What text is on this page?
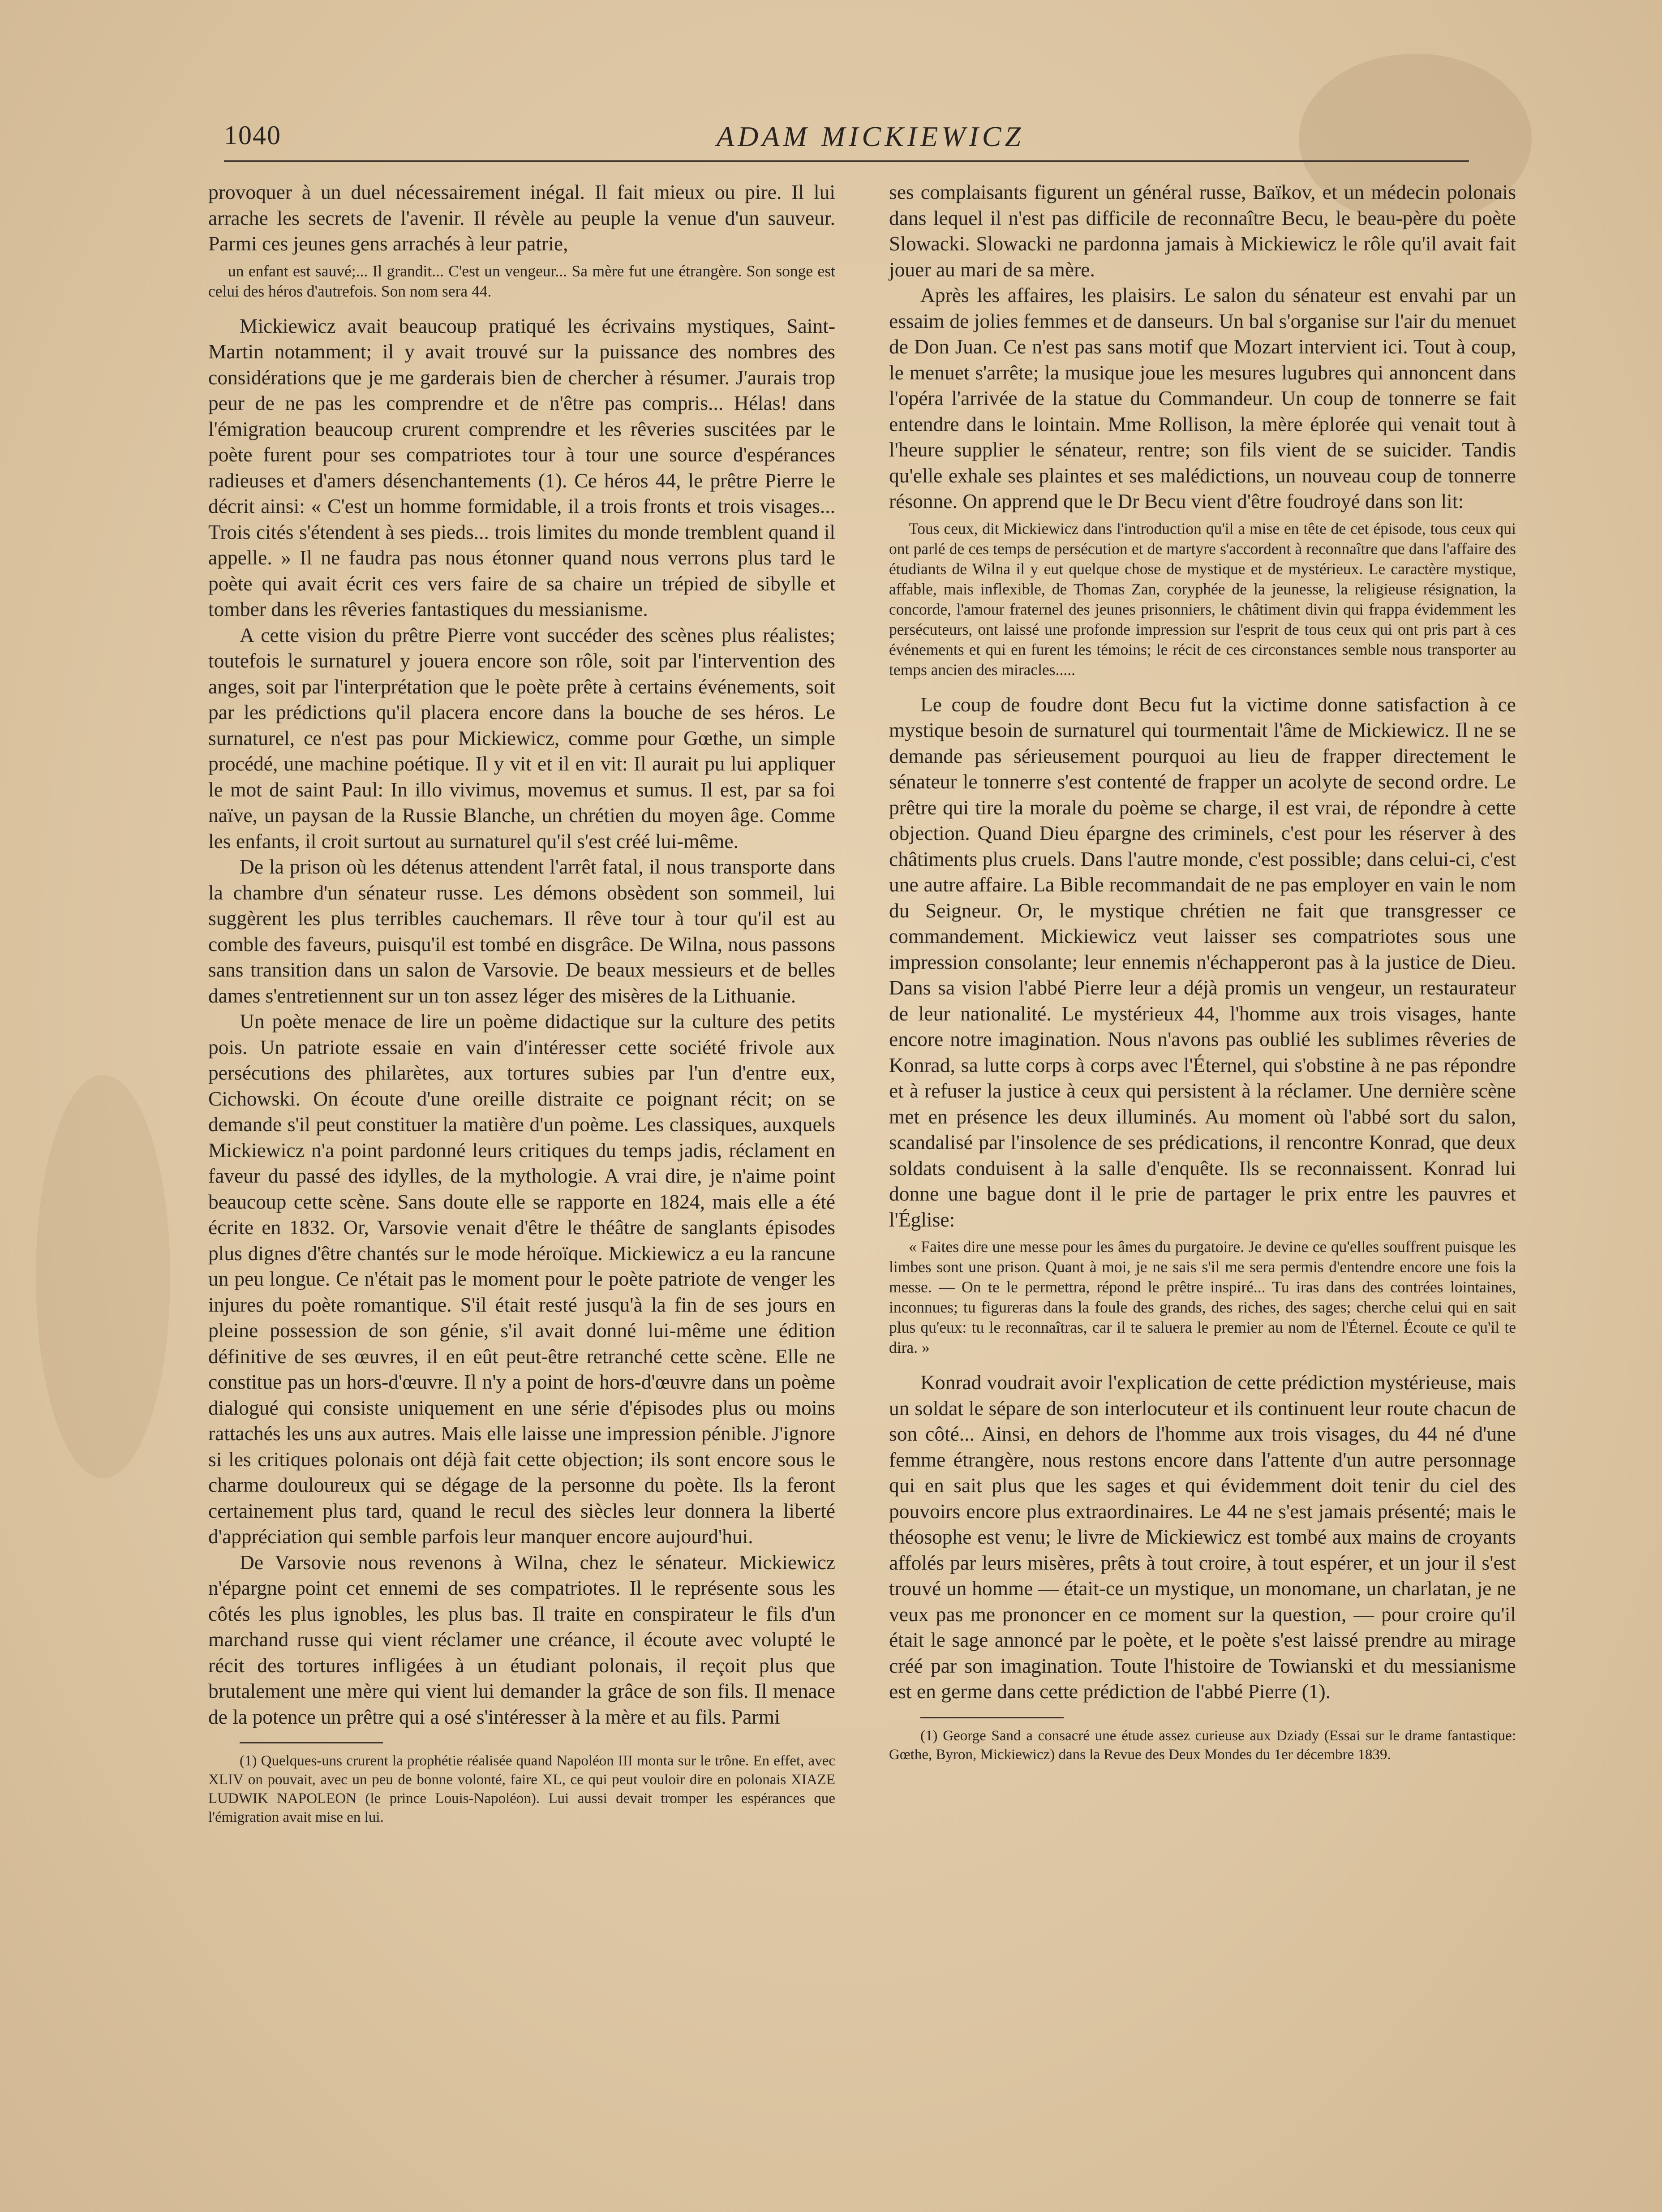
1040	ADAM MICKIEWICZ

provoquer à un duel nécessairement inégal. Il fait mieux ou pire. Il lui arrache les secrets de l'avenir. Il révèle au peuple la venue d'un sauveur. Parmi ces jeunes gens arrachés à leur patrie,

un enfant est sauvé;... Il grandit... C'est un vengeur... Sa mère fut une étrangère. Son songe est celui des héros d'autrefois. Son nom sera 44.

Mickiewicz avait beaucoup pratiqué les écrivains mystiques, Saint-Martin notamment; il y avait trouvé sur la puissance des nombres des considérations que je me garderais bien de chercher à résumer. J'aurais trop peur de ne pas les comprendre et de n'être pas compris... Hélas! dans l'émigration beaucoup crurent comprendre et les rêveries suscitées par le poète furent pour ses compatriotes tour à tour une source d'espérances radieuses et d'amers désenchantements (1). Ce héros 44, le prêtre Pierre le décrit ainsi: « C'est un homme formidable, il a trois fronts et trois visages... Trois cités s'étendent à ses pieds... trois limites du monde tremblent quand il appelle. » Il ne faudra pas nous étonner quand nous verrons plus tard le poète qui avait écrit ces vers faire de sa chaire un trépied de sibylle et tomber dans les rêveries fantastiques du messianisme.

A cette vision du prêtre Pierre vont succéder des scènes plus réalistes; toutefois le surnaturel y jouera encore son rôle, soit par l'intervention des anges, soit par l'interprétation que le poète prête à certains événements, soit par les prédictions qu'il placera encore dans la bouche de ses héros. Le surnaturel, ce n'est pas pour Mickiewicz, comme pour Gœthe, un simple procédé, une machine poétique. Il y vit et il en vit: Il aurait pu lui appliquer le mot de saint Paul: In illo vivimus, movemus et sumus. Il est, par sa foi naïve, un paysan de la Russie Blanche, un chrétien du moyen âge. Comme les enfants, il croit surtout au surnaturel qu'il s'est créé lui-même.

De la prison où les détenus attendent l'arrêt fatal, il nous transporte dans la chambre d'un sénateur russe. Les démons obsèdent son sommeil, lui suggèrent les plus terribles cauchemars. Il rêve tour à tour qu'il est au comble des faveurs, puisqu'il est tombé en disgrâce. De Wilna, nous passons sans transition dans un salon de Varsovie. De beaux messieurs et de belles dames s'entretiennent sur un ton assez léger des misères de la Lithuanie.

Un poète menace de lire un poème didactique sur la culture des petits pois. Un patriote essaie en vain d'intéresser cette société frivole aux persécutions des philarètes, aux tortures subies par l'un d'entre eux, Cichowski. On écoute d'une oreille distraite ce poignant récit; on se demande s'il peut constituer la matière d'un poème. Les classiques, auxquels Mickiewicz n'a point pardonné leurs critiques du temps jadis, réclament en faveur du passé des idylles, de la mythologie. A vrai dire, je n'aime point beaucoup cette scène. Sans doute elle se rapporte en 1824, mais elle a été écrite en 1832. Or, Varsovie venait d'être le théâtre de sanglants épisodes plus dignes d'être chantés sur le mode héroïque. Mickiewicz a eu la rancune un peu longue. Ce n'était pas le moment pour le poète patriote de venger les injures du poète romantique. S'il était resté jusqu'à la fin de ses jours en pleine possession de son génie, s'il avait donné lui-même une édition définitive de ses œuvres, il en eût peut-être retranché cette scène. Elle ne constitue pas un hors-d'œuvre. Il n'y a point de hors-d'œuvre dans un poème dialogué qui consiste uniquement en une série d'épisodes plus ou moins rattachés les uns aux autres. Mais elle laisse une impression pénible. J'ignore si les critiques polonais ont déjà fait cette objection; ils sont encore sous le charme douloureux qui se dégage de la personne du poète. Ils la feront certainement plus tard, quand le recul des siècles leur donnera la liberté d'appréciation qui semble parfois leur manquer encore aujourd'hui.

De Varsovie nous revenons à Wilna, chez le sénateur. Mickiewicz n'épargne point cet ennemi de ses compatriotes. Il le représente sous les côtés les plus ignobles, les plus bas. Il traite en conspirateur le fils d'un marchand russe qui vient réclamer une créance, il écoute avec volupté le récit des tortures infligées à un étudiant polonais, il reçoit plus que brutalement une mère qui vient lui demander la grâce de son fils. Il menace de la potence un prêtre qui a osé s'intéresser à la mère et au fils. Parmi

(1) Quelques-uns crurent la prophétie réalisée quand Napoléon III monta sur le trône. En effet, avec XLIV on pouvait, avec un peu de bonne volonté, faire XL, ce qui peut vouloir dire en polonais XIAZE LUDWIK NAPOLEON (le prince Louis-Napoléon). Lui aussi devait tromper les espérances que l'émigration avait mise en lui.

ses complaisants figurent un général russe, Baïkov, et un médecin polonais dans lequel il n'est pas difficile de reconnaître Becu, le beau-père du poète Slowacki. Slowacki ne pardonna jamais à Mickiewicz le rôle qu'il avait fait jouer au mari de sa mère.

Après les affaires, les plaisirs. Le salon du sénateur est envahi par un essaim de jolies femmes et de danseurs. Un bal s'organise sur l'air du menuet de Don Juan. Ce n'est pas sans motif que Mozart intervient ici. Tout à coup, le menuet s'arrête; la musique joue les mesures lugubres qui annoncent dans l'opéra l'arrivée de la statue du Commandeur. Un coup de tonnerre se fait entendre dans le lointain. Mme Rollison, la mère éplorée qui venait tout à l'heure supplier le sénateur, rentre; son fils vient de se suicider. Tandis qu'elle exhale ses plaintes et ses malédictions, un nouveau coup de tonnerre résonne. On apprend que le Dr Becu vient d'être foudroyé dans son lit:

Tous ceux, dit Mickiewicz dans l'introduction qu'il a mise en tête de cet épisode, tous ceux qui ont parlé de ces temps de persécution et de martyre s'accordent à reconnaître que dans l'affaire des étudiants de Wilna il y eut quelque chose de mystique et de mystérieux. Le caractère mystique, affable, mais inflexible, de Thomas Zan, coryphée de la jeunesse, la religieuse résignation, la concorde, l'amour fraternel des jeunes prisonniers, le châtiment divin qui frappa évidemment les persécuteurs, ont laissé une profonde impression sur l'esprit de tous ceux qui ont pris part à ces événements et qui en furent les témoins; le récit de ces circonstances semble nous transporter au temps ancien des miracles.....

Le coup de foudre dont Becu fut la victime donne satisfaction à ce mystique besoin de surnaturel qui tourmentait l'âme de Mickiewicz. Il ne se demande pas sérieusement pourquoi au lieu de frapper directement le sénateur le tonnerre s'est contenté de frapper un acolyte de second ordre. Le prêtre qui tire la morale du poème se charge, il est vrai, de répondre à cette objection. Quand Dieu épargne des criminels, c'est pour les réserver à des châtiments plus cruels. Dans l'autre monde, c'est possible; dans celui-ci, c'est une autre affaire. La Bible recommandait de ne pas employer en vain le nom du Seigneur. Or, le mystique chrétien ne fait que transgresser ce commandement. Mickiewicz veut laisser ses compatriotes sous une impression consolante; leur ennemis n'échapperont pas à la justice de Dieu. Dans sa vision l'abbé Pierre leur a déjà promis un vengeur, un restaurateur de leur nationalité. Le mystérieux 44, l'homme aux trois visages, hante encore notre imagination. Nous n'avons pas oublié les sublimes rêveries de Konrad, sa lutte corps à corps avec l'Éternel, qui s'obstine à ne pas répondre et à refuser la justice à ceux qui persistent à la réclamer. Une dernière scène met en présence les deux illuminés. Au moment où l'abbé sort du salon, scandalisé par l'insolence de ses prédications, il rencontre Konrad, que deux soldats conduisent à la salle d'enquête. Ils se reconnaissent. Konrad lui donne une bague dont il le prie de partager le prix entre les pauvres et l'Église:

« Faites dire une messe pour les âmes du purgatoire. Je devine ce qu'elles souffrent puisque les limbes sont une prison. Quant à moi, je ne sais s'il me sera permis d'entendre encore une fois la messe. — On te le permettra, répond le prêtre inspiré... Tu iras dans des contrées lointaines, inconnues; tu figureras dans la foule des grands, des riches, des sages; cherche celui qui en sait plus qu'eux: tu le reconnaîtras, car il te saluera le premier au nom de l'Éternel. Écoute ce qu'il te dira. »

Konrad voudrait avoir l'explication de cette prédiction mystérieuse, mais un soldat le sépare de son interlocuteur et ils continuent leur route chacun de son côté... Ainsi, en dehors de l'homme aux trois visages, du 44 né d'une femme étrangère, nous restons encore dans l'attente d'un autre personnage qui en sait plus que les sages et qui évidemment doit tenir du ciel des pouvoirs encore plus extraordinaires. Le 44 ne s'est jamais présenté; mais le théosophe est venu; le livre de Mickiewicz est tombé aux mains de croyants affolés par leurs misères, prêts à tout croire, à tout espérer, et un jour il s'est trouvé un homme — était-ce un mystique, un monomane, un charlatan, je ne veux pas me prononcer en ce moment sur la question, — pour croire qu'il était le sage annoncé par le poète, et le poète s'est laissé prendre au mirage créé par son imagination. Toute l'histoire de Towianski et du messianisme est en germe dans cette prédiction de l'abbé Pierre (1).

(1) George Sand a consacré une étude assez curieuse aux Dziady (Essai sur le drame fantastique: Gœthe, Byron, Mickiewicz) dans la Revue des Deux Mondes du 1er décembre 1839.
